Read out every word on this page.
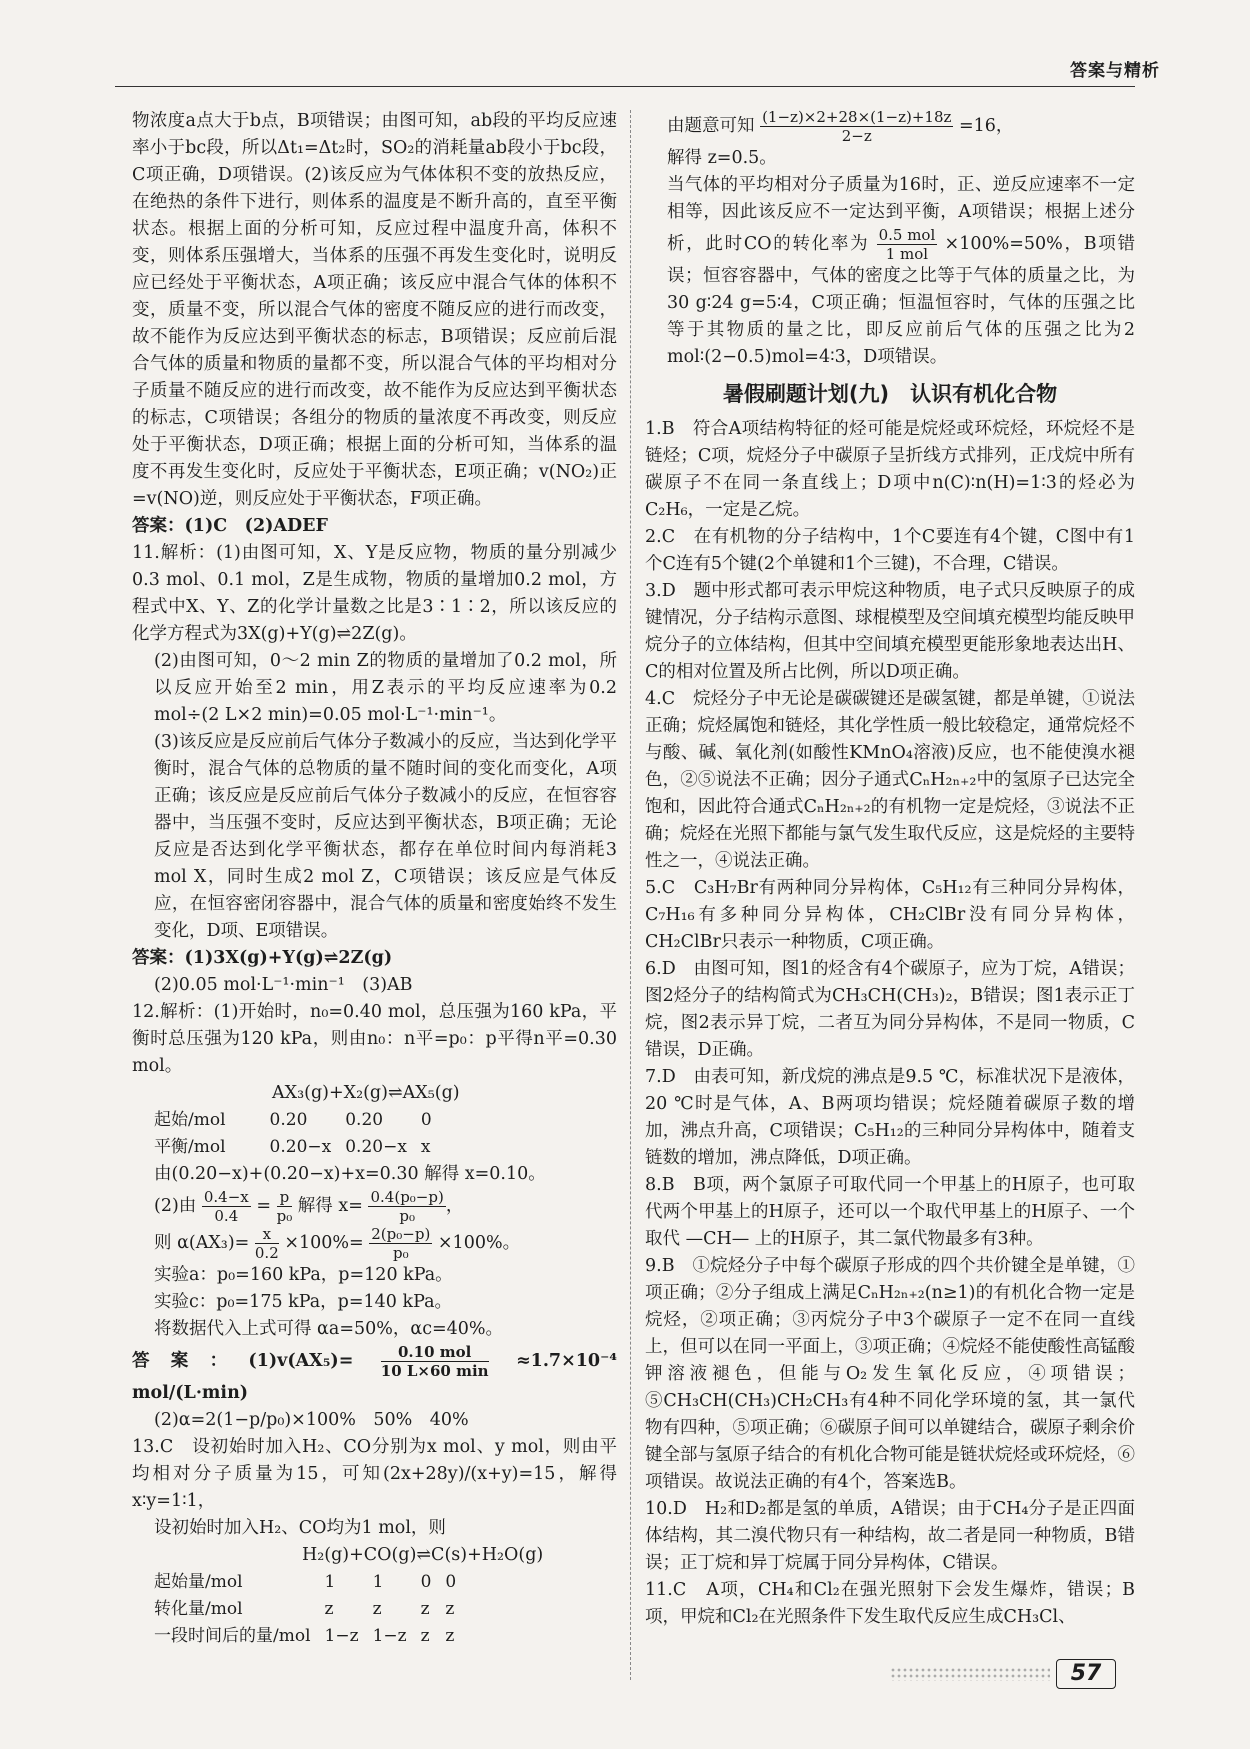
答案与精析

物浓度a点大于b点，B项错误；由图可知，ab段的平均反应速率小于bc段，所以Δt₁=Δt₂时，SO₂的消耗量ab段小于bc段，C项正确，D项错误。(2)该反应为气体体积不变的放热反应，在绝热的条件下进行，则体系的温度是不断升高的，直至平衡状态。根据上面的分析可知，反应过程中温度升高，体积不变，则体系压强增大，当体系的压强不再发生变化时，说明反应已经处于平衡状态，A项正确；该反应中混合气体的体积不变，质量不变，所以混合气体的密度不随反应的进行而改变，故不能作为反应达到平衡状态的标志，B项错误；反应前后混合气体的质量和物质的量都不变，所以混合气体的平均相对分子质量不随反应的进行而改变，故不能作为反应达到平衡状态的标志，C项错误；各组分的物质的量浓度不再改变，则反应处于平衡状态，D项正确；根据上面的分析可知，当体系的温度不再发生变化时，反应处于平衡状态，E项正确；v(NO₂)正=v(NO)逆，则反应处于平衡状态，F项正确。

答案：(1)C　(2)ADEF

11.解析：(1)由图可知，X、Y是反应物，物质的量分别减少0.3 mol、0.1 mol，Z是生成物，物质的量增加0.2 mol，方程式中X、Y、Z的化学计量数之比是3∶1∶2，所以该反应的化学方程式为3X(g)+Y(g)⇌2Z(g)。

(2)由图可知，0～2 min Z的物质的量增加了0.2 mol，所以反应开始至2 min，用Z表示的平均反应速率为0.2 mol÷(2 L×2 min)=0.05 mol·L⁻¹·min⁻¹。

(3)该反应是反应前后气体分子数减小的反应，当达到化学平衡时，混合气体的总物质的量不随时间的变化而变化，A项正确；该反应是反应前后气体分子数减小的反应，在恒容容器中，当压强不变时，反应达到平衡状态，B项正确；无论反应是否达到化学平衡状态，都存在单位时间内每消耗3 mol X，同时生成2 mol Z，C项错误；该反应是气体反应，在恒容密闭容器中，混合气体的质量和密度始终不发生变化，D项、E项错误。

答案：(1)3X(g)+Y(g)⇌2Z(g)

(2)0.05 mol·L⁻¹·min⁻¹　(3)AB

12.解析：(1)开始时，n₀=0.40 mol，总压强为160 kPa，平衡时总压强为120 kPa，则由n₀：n平=p₀：p平得n平=0.30 mol。

AX₃(g)+X₂(g)⇌AX₅(g)
起始/mol	0.20	0.20	0
平衡/mol	0.20−x	0.20−x	x

由(0.20−x)+(0.20−x)+x=0.30 解得 x=0.10。

(2)由 $\frac{0.4-x}{0.4} = \frac{p}{\text{p₀}}$ 解得 $x= \frac{\text{0.4(p₀−p)}}{\text{p₀}}$ ，

则 $\alpha(AX_3)= \frac{x}{0.2} \times 100\%= \frac{\text{2(p₀−p)}}{\text{p₀}} \times 100\%$。

实验a：p₀=160 kPa，p=120 kPa。

实验c：p₀=175 kPa，p=140 kPa。

将数据代入上式可得 αa=50%，αc=40%。

答案：$(1)v(AX_5)= \frac{\text{0.10 mol}}{10 L\times 60 \min} \approx 1.7\times 10^{-4}$ mol/(L·min)

(2)α=2(1−p/p₀)×100%　50%　40%

13.C　设初始时加入H₂、CO分别为x mol、y mol，则由平均相对分子质量为15，可知(2x+28y)/(x+y)=15，解得x∶y=1∶1，

设初始时加入H₂、CO均为1 mol，则

H₂(g)+CO(g)⇌C(s)+H₂O(g)
起始量/mol	1	1	0	0
转化量/mol	z	z	z	z
一段时间后的量/mol	1−z	1−z	z	z

由题意可知 $\frac{(1-z)\times 2+28\times(1-z)+18z}{2-z} =16$，

解得 z=0.5。

当气体的平均相对分子质量为16时，正、逆反应速率不一定相等，因此该反应不一定达到平衡，A项错误；根据上述分析，此时CO的转化率为 $\frac{\text{0.5 mol}}{\text{1 mol}} \times 100\%=50\%$，B项错误；恒容容器中，气体的密度之比等于气体的质量之比，为30 g∶24 g=5∶4，C项正确；恒温恒容时，气体的压强之比等于其物质的量之比，即反应前后气体的压强之比为2 mol∶(2−0.5)mol=4∶3，D项错误。

暑假刷题计划(九)　认识有机化合物

1.B　符合A项结构特征的烃可能是烷烃或环烷烃，环烷烃不是链烃；C项，烷烃分子中碳原子呈折线方式排列，正戊烷中所有碳原子不在同一条直线上；D项中n(C)∶n(H)=1∶3的烃必为C₂H₆，一定是乙烷。

2.C　在有机物的分子结构中，1个C要连有4个键，C图中有1个C连有5个键(2个单键和1个三键)，不合理，C错误。

3.D　题中形式都可表示甲烷这种物质，电子式只反映原子的成键情况，分子结构示意图、球棍模型及空间填充模型均能反映甲烷分子的立体结构，但其中空间填充模型更能形象地表达出H、C的相对位置及所占比例，所以D项正确。

4.C　烷烃分子中无论是碳碳键还是碳氢键，都是单键，①说法正确；烷烃属饱和链烃，其化学性质一般比较稳定，通常烷烃不与酸、碱、氧化剂(如酸性KMnO₄溶液)反应，也不能使溴水褪色，②⑤说法不正确；因分子通式CₙH₂ₙ₊₂中的氢原子已达完全饱和，因此符合通式CₙH₂ₙ₊₂的有机物一定是烷烃，③说法不正确；烷烃在光照下都能与氯气发生取代反应，这是烷烃的主要特性之一，④说法正确。

5.C　C₃H₇Br有两种同分异构体，C₅H₁₂有三种同分异构体，C₇H₁₆有多种同分异构体，CH₂ClBr没有同分异构体，CH₂ClBr只表示一种物质，C项正确。

6.D　由图可知，图1的烃含有4个碳原子，应为丁烷，A错误；图2烃分子的结构简式为CH₃CH(CH₃)₂，B错误；图1表示正丁烷，图2表示异丁烷，二者互为同分异构体，不是同一物质，C错误，D正确。

7.D　由表可知，新戊烷的沸点是9.5 ℃，标准状况下是液体，20 ℃时是气体，A、B两项均错误；烷烃随着碳原子数的增加，沸点升高，C项错误；C₅H₁₂的三种同分异构体中，随着支链数的增加，沸点降低，D项正确。

8.B　B项，两个氯原子可取代同一个甲基上的H原子，也可取代两个甲基上的H原子，还可以一个取代甲基上的H原子、一个取代 —CH— 上的H原子，其二氯代物最多有3种。

9.B　①烷烃分子中每个碳原子形成的四个共价键全是单键，①项正确；②分子组成上满足CₙH₂ₙ₊₂(n≥1)的有机化合物一定是烷烃，②项正确；③丙烷分子中3个碳原子一定不在同一直线上，但可以在同一平面上，③项正确；④烷烃不能使酸性高锰酸钾溶液褪色，但能与O₂发生氧化反应，④项错误；⑤CH₃CH(CH₃)CH₂CH₃有4种不同化学环境的氢，其一氯代物有四种，⑤项正确；⑥碳原子间可以单键结合，碳原子剩余价键全部与氢原子结合的有机化合物可能是链状烷烃或环烷烃，⑥项错误。故说法正确的有4个，答案选B。

10.D　H₂和D₂都是氢的单质，A错误；由于CH₄分子是正四面体结构，其二溴代物只有一种结构，故二者是同一种物质，B错误；正丁烷和异丁烷属于同分异构体，C错误。

11.C　A项，CH₄和Cl₂在强光照射下会发生爆炸，错误；B项，甲烷和Cl₂在光照条件下发生取代反应生成CH₃Cl、

57
